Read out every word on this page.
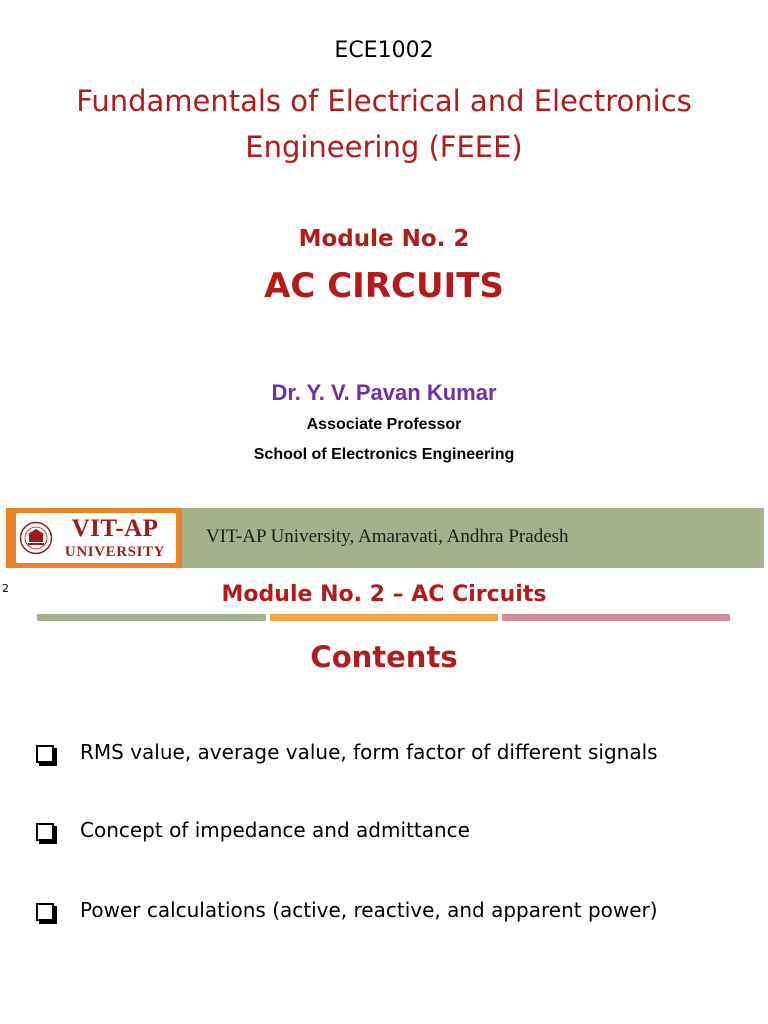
ECE1002
Fundamentals of Electrical and Electronics
Engineering (FEEE)
Module No. 2
AC CIRCUITS
Dr. Y. V. Pavan Kumar
Associate Professor
School of Electronics Engineering
VIT-AP
UNIVERSITY
VIT-AP University, Amaravati, Andhra Pradesh
2	Module No. 2 – AC Circuits
Contents
RMS value, average value, form factor of different signals
Concept of impedance and admittance
Power calculations (active, reactive, and apparent power)
